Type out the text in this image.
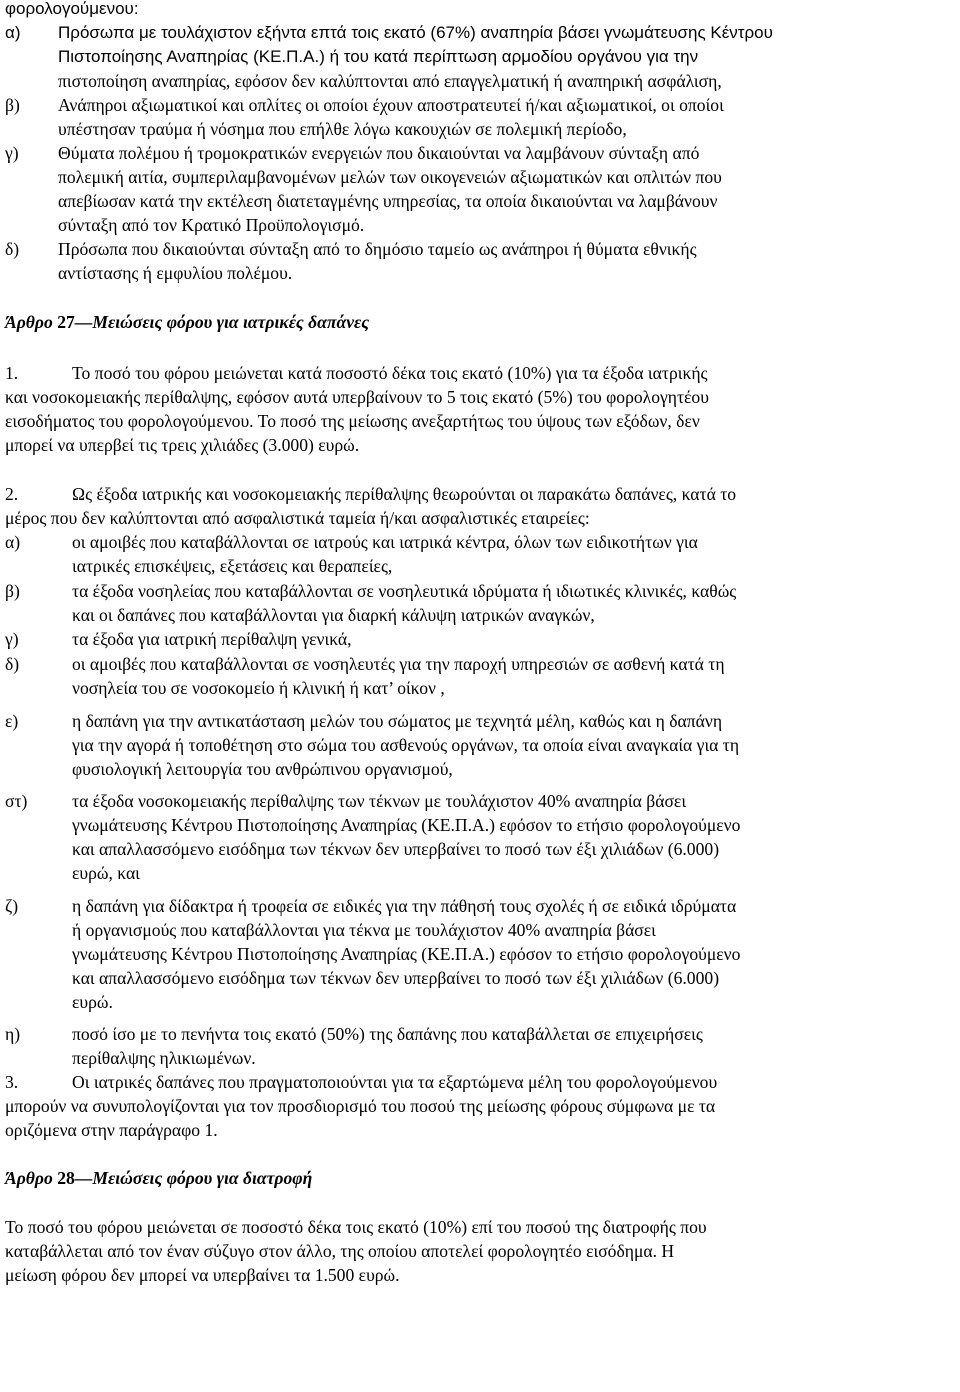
φορολογούμενου:
α) Πρόσωπα με τουλάχιστον εξήντα επτά τοις εκατό (67%) αναπηρία βάσει γνωμάτευσης Κέντρου
Πιστοποίησης Αναπηρίας (ΚΕ.Π.Α.) ή του κατά περίπτωση αρμοδίου οργάνου για την
πιστοποίηση αναπηρίας, εφόσον δεν καλύπτονται από επαγγελματική ή αναπηρική ασφάλιση,
β) Ανάπηροι αξιωματικοί και οπλίτες οι οποίοι έχουν αποστρατευτεί ή/και αξιωματικοί, οι οποίοι
υπέστησαν τραύμα ή νόσημα που επήλθε λόγω κακουχιών σε πολεμική περίοδο,
γ) Θύματα πολέμου ή τρομοκρατικών ενεργειών που δικαιούνται να λαμβάνουν σύνταξη από
πολεμική αιτία, συμπεριλαμβανομένων μελών των οικογενειών αξιωματικών και οπλιτών που
απεβίωσαν κατά την εκτέλεση διατεταγμένης υπηρεσίας, τα οποία δικαιούνται να λαμβάνουν
σύνταξη από τον Κρατικό Προϋπολογισμό.
δ) Πρόσωπα που δικαιούνται σύνταξη από το δημόσιο ταμείο ως ανάπηροι ή θύματα εθνικής
αντίστασης ή εμφυλίου πολέμου.
Άρθρο 27—Μειώσεις φόρου για ιατρικές δαπάνες
1.	Το ποσό του φόρου μειώνεται κατά ποσοστό δέκα τοις εκατό (10%) για τα έξοδα ιατρικής
και νοσοκομειακής περίθαλψης, εφόσον αυτά υπερβαίνουν το 5 τοις εκατό (5%) του φορολογητέου
εισοδήματος του φορολογούμενου. Το ποσό της μείωσης ανεξαρτήτως του ύψους των εξόδων, δεν
μπορεί να υπερβεί τις τρεις χιλιάδες (3.000) ευρώ.
2.	Ως έξοδα ιατρικής και νοσοκομειακής περίθαλψης θεωρούνται οι παρακάτω δαπάνες, κατά το
μέρος που δεν καλύπτονται από ασφαλιστικά ταμεία ή/και ασφαλιστικές εταιρείες:
α)	οι αμοιβές που καταβάλλονται σε ιατρούς και ιατρικά κέντρα, όλων των ειδικοτήτων για
ιατρικές επισκέψεις, εξετάσεις και θεραπείες,
β)	τα έξοδα νοσηλείας που καταβάλλονται σε νοσηλευτικά ιδρύματα ή ιδιωτικές κλινικές, καθώς
και οι δαπάνες που καταβάλλονται για διαρκή κάλυψη ιατρικών αναγκών,
γ)	τα έξοδα για ιατρική περίθαλψη γενικά,
δ)	οι αμοιβές που καταβάλλονται σε νοσηλευτές για την παροχή υπηρεσιών σε ασθενή κατά τη
νοσηλεία του σε νοσοκομείο ή κλινική ή κατ’ οίκον ,
ε)	η δαπάνη για την αντικατάσταση μελών του σώματος με τεχνητά μέλη, καθώς και η δαπάνη
για την αγορά ή τοποθέτηση στο σώμα του ασθενούς οργάνων, τα οποία είναι αναγκαία για τη
φυσιολογική λειτουργία του ανθρώπινου οργανισμού,
στ)	τα έξοδα νοσοκομειακής περίθαλψης των τέκνων με τουλάχιστον 40% αναπηρία βάσει
γνωμάτευσης Κέντρου Πιστοποίησης Αναπηρίας (ΚΕ.Π.Α.) εφόσον το ετήσιο φορολογούμενο
και απαλλασσόμενο εισόδημα των τέκνων δεν υπερβαίνει το ποσό των έξι χιλιάδων (6.000)
ευρώ, και
ζ)	η δαπάνη για δίδακτρα ή τροφεία σε ειδικές για την πάθησή τους σχολές ή σε ειδικά ιδρύματα
ή οργανισμούς που καταβάλλονται για τέκνα με τουλάχιστον 40% αναπηρία βάσει
γνωμάτευσης Κέντρου Πιστοποίησης Αναπηρίας (ΚΕ.Π.Α.) εφόσον το ετήσιο φορολογούμενο
και απαλλασσόμενο εισόδημα των τέκνων δεν υπερβαίνει το ποσό των έξι χιλιάδων (6.000)
ευρώ.
η)	ποσό ίσο με το πενήντα τοις εκατό (50%) της δαπάνης που καταβάλλεται σε επιχειρήσεις
περίθαλψης ηλικιωμένων.
3.	Οι ιατρικές δαπάνες που πραγματοποιούνται για τα εξαρτώμενα μέλη του φορολογούμενου
μπορούν να συνυπολογίζονται για τον προσδιορισμό του ποσού της μείωσης φόρους σύμφωνα με τα
οριζόμενα στην παράγραφο 1.
Άρθρο 28—Μειώσεις φόρου για διατροφή
Το ποσό του φόρου μειώνεται σε ποσοστό δέκα τοις εκατό (10%) επί του ποσού της διατροφής που
καταβάλλεται από τον έναν σύζυγο στον άλλο, της οποίου αποτελεί φορολογητέο εισόδημα. Η
μείωση φόρου δεν μπορεί να υπερβαίνει τα 1.500 ευρώ.
